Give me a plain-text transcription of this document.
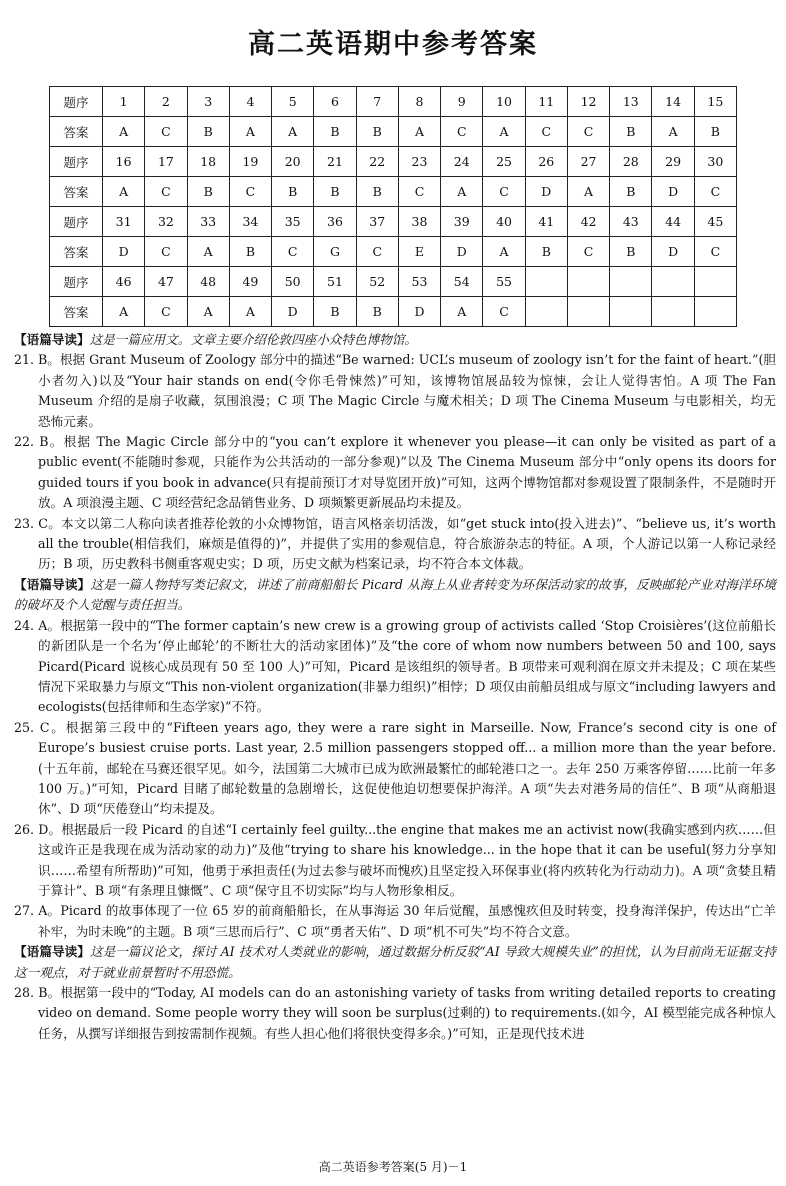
高二英语期中参考答案
题序	1	2	3	4	5	6	7	8	9	10	11	12	13	14	15
答案	A	C	B	A	A	B	B	A	C	A	C	C	B	A	B
题序	16	17	18	19	20	21	22	23	24	25	26	27	28	29	30
答案	A	C	B	C	B	B	B	C	A	C	D	A	B	D	C
题序	31	32	33	34	35	36	37	38	39	40	41	42	43	44	45
答案	D	C	A	B	C	G	C	E	D	A	B	C	B	D	C
题序	46	47	48	49	50	51	52	53	54	55					
答案	A	C	A	A	D	B	B	D	A	C					

【语篇导读】这是一篇应用文。文章主要介绍伦敦四座小众特色博物馆。

21. B。根据 Grant Museum of Zoology 部分中的描述“Be warned: UCL’s museum of zoology isn’t for the faint of heart.”(胆小者勿入)以及“Your hair stands on end(令你毛骨悚然)”可知，该博物馆展品较为惊悚，会让人觉得害怕。A 项 The Fan Museum 介绍的是扇子收藏，氛围浪漫；C 项 The Magic Circle 与魔术相关；D 项 The Cinema Museum 与电影相关，均无恐怖元素。

22. B。根据 The Magic Circle 部分中的“you can’t explore it whenever you please—it can only be visited as part of a public event(不能随时参观，只能作为公共活动的一部分参观)”以及 The Cinema Museum 部分中“only opens its doors for guided tours if you book in advance(只有提前预订才对导览团开放)”可知，这两个博物馆都对参观设置了限制条件，不是随时开放。A 项浪漫主题、C 项经营纪念品销售业务、D 项频繁更新展品均未提及。

23. C。本文以第二人称向读者推荐伦敦的小众博物馆，语言风格亲切活泼，如“get stuck into(投入进去)”、“believe us, it’s worth all the trouble(相信我们，麻烦是值得的)”，并提供了实用的参观信息，符合旅游杂志的特征。A 项，个人游记以第一人称记录经历；B 项，历史教科书侧重客观史实；D 项，历史文献为档案记录，均不符合本文体裁。

【语篇导读】这是一篇人物特写类记叙文，讲述了前商船船长 Picard 从海上从业者转变为环保活动家的故事，反映邮轮产业对海洋环境的破坏及个人觉醒与责任担当。

24. A。根据第一段中的“The former captain’s new crew is a growing group of activists called ‘Stop Croisières’(这位前船长的新团队是一个名为‘停止邮轮’的不断壮大的活动家团体)”及“the core of whom now numbers between 50 and 100, says Picard(Picard 说核心成员现有 50 至 100 人)”可知，Picard 是该组织的领导者。B 项带来可观利润在原文并未提及；C 项在某些情况下采取暴力与原文“This non-violent organization(非暴力组织)”相悖；D 项仅由前船员组成与原文“including lawyers and ecologists(包括律师和生态学家)”不符。

25. C。根据第三段中的“Fifteen years ago, they were a rare sight in Marseille. Now, France’s second city is one of Europe’s busiest cruise ports. Last year, 2.5 million passengers stopped off... a million more than the year before.(十五年前，邮轮在马赛还很罕见。如今，法国第二大城市已成为欧洲最繁忙的邮轮港口之一。去年 250 万乘客停留……比前一年多 100 万。)”可知，Picard 目睹了邮轮数量的急剧增长，这促使他迫切想要保护海洋。A 项“失去对港务局的信任”、B 项“从商船退休”、D 项“厌倦登山”均未提及。

26. D。根据最后一段 Picard 的自述“I certainly feel guilty...the engine that makes me an activist now(我确实感到内疚……但这或许正是我现在成为活动家的动力)”及他“trying to share his knowledge... in the hope that it can be useful(努力分享知识……希望有所帮助)”可知，他勇于承担责任(为过去参与破坏而愧疚)且坚定投入环保事业(将内疚转化为行动动力)。A 项“贪婪且精于算计”、B 项“有条理且慷慨”、C 项“保守且不切实际”均与人物形象相反。

27. A。Picard 的故事体现了一位 65 岁的前商船船长，在从事海运 30 年后觉醒，虽感愧疚但及时转变，投身海洋保护，传达出“亡羊补牢，为时未晚”的主题。B 项“三思而后行”、C 项“勇者天佑”、D 项“机不可失”均不符合文意。

【语篇导读】这是一篇议论文，探讨 AI 技术对人类就业的影响，通过数据分析反驳“AI 导致大规模失业”的担忧，认为目前尚无证据支持这一观点，对于就业前景暂时不用恐慌。

28. B。根据第一段中的“Today, AI models can do an astonishing variety of tasks from writing detailed reports to creating video on demand. Some people worry they will soon be surplus(过剩的) to requirements.(如今，AI 模型能完成各种惊人任务，从撰写详细报告到按需制作视频。有些人担心他们将很快变得多余。)”可知，正是现代技术进

高二英语参考答案(5 月)－1
